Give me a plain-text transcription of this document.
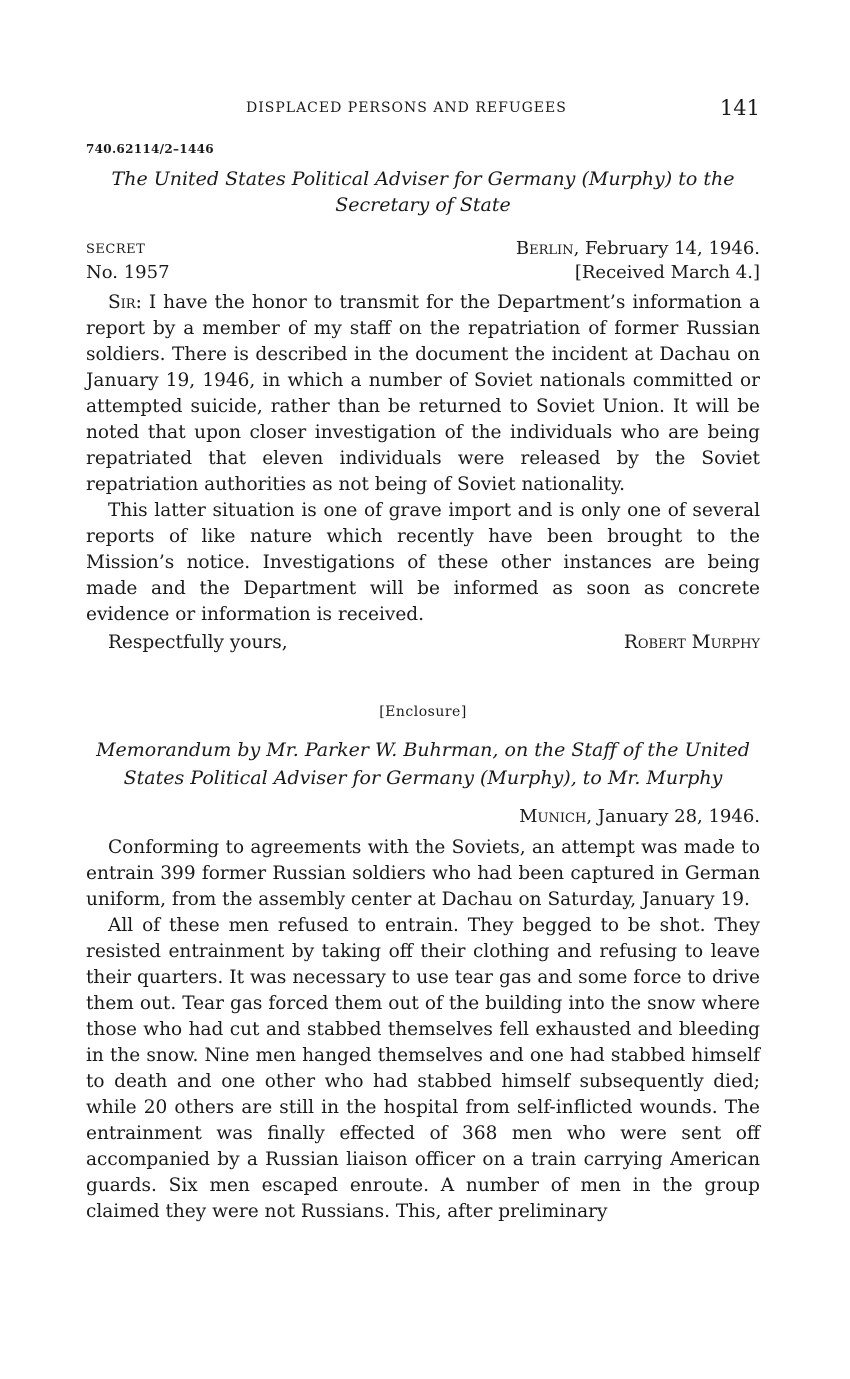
DISPLACED PERSONS AND REFUGEES	141
740.62114/2–1446
The United States Political Adviser for Germany (Murphy) to the Secretary of State
SECRET	Berlin, February 14, 1946.
No. 1957	[Received March 4.]

Sir: I have the honor to transmit for the Department’s information a report by a member of my staff on the repatriation of former Russian soldiers. There is described in the document the incident at Dachau on January 19, 1946, in which a number of Soviet nationals committed or attempted suicide, rather than be returned to Soviet Union. It will be noted that upon closer investigation of the individuals who are being repatriated that eleven individuals were released by the Soviet repatriation authorities as not being of Soviet nationality.

This latter situation is one of grave import and is only one of several reports of like nature which recently have been brought to the Mission’s notice. Investigations of these other instances are being made and the Department will be informed as soon as concrete evidence or information is received.

Respectfully yours,	Robert Murphy
[Enclosure]
Memorandum by Mr. Parker W. Buhrman, on the Staff of the United States Political Adviser for Germany (Murphy), to Mr. Murphy
Munich, January 28, 1946.

Conforming to agreements with the Soviets, an attempt was made to entrain 399 former Russian soldiers who had been captured in German uniform, from the assembly center at Dachau on Saturday, January 19.

All of these men refused to entrain. They begged to be shot. They resisted entrainment by taking off their clothing and refusing to leave their quarters. It was necessary to use tear gas and some force to drive them out. Tear gas forced them out of the building into the snow where those who had cut and stabbed themselves fell exhausted and bleeding in the snow. Nine men hanged themselves and one had stabbed himself to death and one other who had stabbed himself subsequently died; while 20 others are still in the hospital from self-inflicted wounds. The entrainment was finally effected of 368 men who were sent off accompanied by a Russian liaison officer on a train carrying American guards. Six men escaped enroute. A number of men in the group claimed they were not Russians. This, after preliminary
